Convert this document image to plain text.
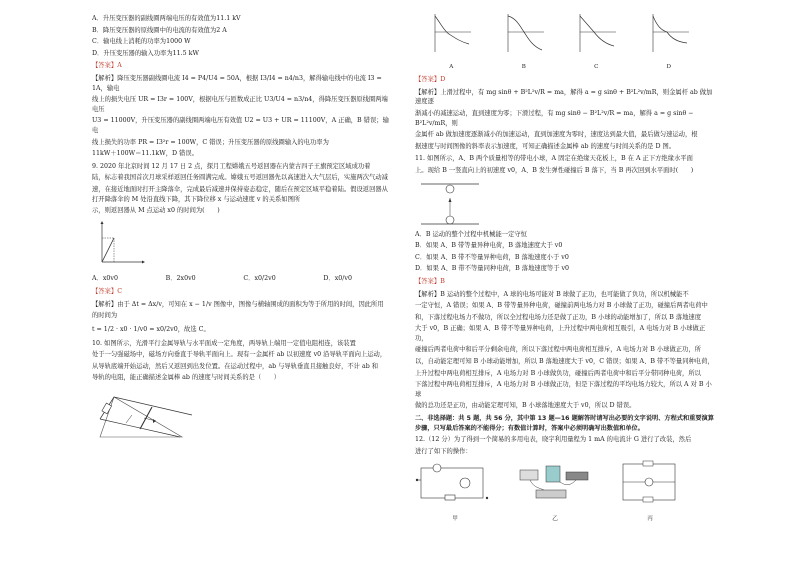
A．升压变压器的副线圈两端电压的有效值为11.1 kV

B．降压变压器的原线圈中的电流的有效值为2 A

C．输电线上消耗的功率为1000 W

D．升压变压器的输入功率为11.5 kW

【答案】A

【解析】降压变压器副线圈电流 I4 = P4/U4 = 50A，根据 I3/I4 = n4/n3，解得输电线中的电流 I3 = 1A，输电

线上的损失电压 UR = I3r = 100V，根据电压与匝数成正比 U3/U4 = n3/n4，得降压变压器原线圈两端电压

U3 = 11000V，升压变压器的副线圈两端电压有效值 U2 = U3 + UR = 11100V，A 正确，B 错误；输电

线上损失的功率 PR = I3²r = 100W，C 错误；升压变压器的原线圈输入的电功率为

11kW＋100W＝11.1kW，D 错误。

9. 2020 年北京时间 12 月 17 日 2 点，探月工程嫦娥五号返回器在内蒙古四子王旗预定区域成功着

陆，标志着我国首次月球采样返回任务圆满完成。嫦娥五号返回器先以高速进入大气层后，实施两次气动减

速，在接近地面时打开主降落伞，完成最后减速并保持姿态稳定，随后在预定区域平稳着陆。假设返回器从打开降落伞的 M 处沿直线下降，其下降位移 x 与运动速度 v 的关系如图所

示，则返回器从 M 点运动 x0 的时间为(　　)

A．x0v0	B．2x0v0	C．x0/2v0	D．x0/v0

【答案】C

【解析】由于 Δt = Δx/v，可知在 x − 1/v 图像中，图像与横轴围成的面积为等于所用的时间，因此所用

的时间为

t = 1/2 · x0 · 1/v0 = x0/2v0，故选 C。

10. 如图所示，光滑平行金属导轨与水平面成一定角度，两导轨上端用一定值电阻相连，该装置

处于一匀强磁场中，磁场方向垂直于导轨平面向上。现有一金属杆 ab 以初速度 v0 沿导轨平面向上运动，

从导轨底端开始运动，然后又返回到出发位置。在运动过程中，ab 与导轨垂直且接触良好，不计 ab 和

导轨的电阻，能正确描述金属棒 ab 的速度与时间关系的是（　　）

A	B	C	D

【答案】D

【解析】上滑过程中，有 mg sinθ + B²L²v/R = ma，解得 a = g sinθ + B²L²v/mR，则金属杆 ab 做加速度逐

渐减小的减速运动，直到速度为零；下滑过程，有 mg sinθ − B²L²v/R = ma，解得 a = g sinθ − B²L²v/mR，则

金属杆 ab 做加速度逐渐减小的加速运动，直到加速度为零时，速度达到最大值，最后做匀速运动，根

据速度与时间图像的斜率表示加速度，可知正确描述金属棒 ab 的速度与时间关系的是 D 图。

11. 如图所示，A、B 两个质量相等的带电小球，A 固定在绝缘天花板上，B 在 A 正下方绝缘水平面

上。现给 B 一竖直向上的初速度 v0，A、B 发生弹性碰撞后 B 落下，当 B 再次回到水平面时(　　)

A．B 运动的整个过程中机械能一定守恒

B．如果 A、B 带等量异种电荷，B 落地速度大于 v0

C．如果 A、B 带不等量异种电荷，B 落地速度小于 v0

D．如果 A、B 带不等量同种电荷，B 落地速度等于 v0

【答案】B

【解析】B 运动的整个过程中，A 球的电场可能对 B 球做了正功，也可能做了负功，所以机械能不

一定守恒，A 错误；如果 A、B 带等量异种电荷，碰撞前两电场力对 B 小球做了正功，碰撞后两者电荷中

和，下落过程电场力不做功，所以全过程电场力还是做了正功，B 小球的动能增加了，所以 B 落地速度

大于 v0，B 正确；如果 A、B 带不等量异种电荷，上升过程中两电荷相互吸引，A 电场力对 B 小球做正功，

碰撞后两者电荷中和后平分剩余电荷，所以下落过程中两电荷相互排斥，A 电场力对 B 小球做正功，所

以，自动能定理可知 B 小球动能增加，所以 B 落地速度大于 v0，C 错误；如果 A、B 带不等量同种电荷，

上升过程中两电荷相互排斥，A 电场力对 B 小球做负功，碰撞后两者电荷中和后平分带同种电荷，所以

下落过程中两电荷相互排斥，A 电场力对 B 小球做正功，但是下落过程的平均电场力较大，所以 A 对 B 小球

做的总功还是正功，由动能定理可知，B 小球落地速度大于 v0，所以 D 错误。

二、非选择题：共 5 题，共 56 分，其中第 13 题—16 题解答时请写出必要的文字说明、方程式和重要演算步骤，只写最后答案的不能得分；有数值计算时，答案中必须明确写出数值和单位。

12.（12 分）为了得到一个简易的多用电表，晓宇利用量程为 1 mA 的电流计 G 进行了改装，然后

进行了如下的操作：

甲	乙	丙
